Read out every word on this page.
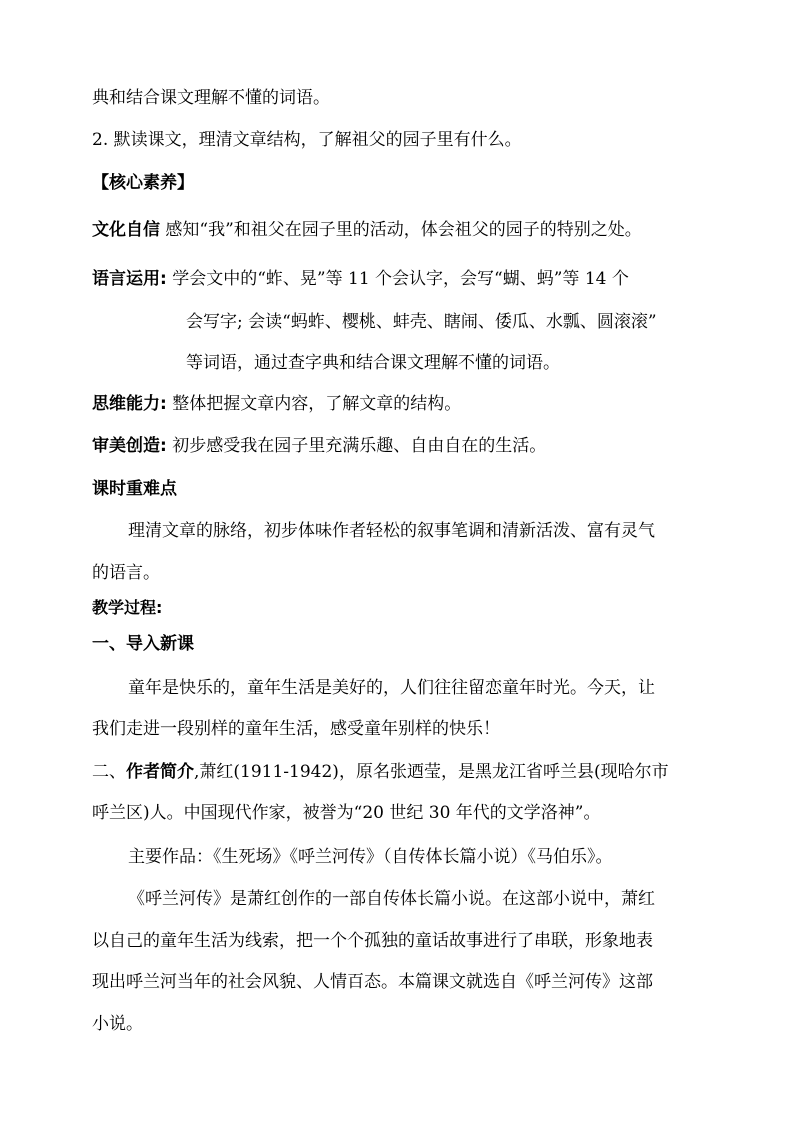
典和结合课文理解不懂的词语。
2. 默读课文，理清文章结构，了解祖父的园子里有什么。
【核心素养】
文化自信 感知“我”和祖父在园子里的活动，体会祖父的园子的特别之处。
语言运用: 学会文中的“蚱、晃”等 11 个会认字，会写“蝴、蚂”等 14 个
会写字; 会读“蚂蚱、樱桃、蚌壳、瞎闹、倭瓜、水瓢、圆滚滚”
等词语，通过查字典和结合课文理解不懂的词语。
思维能力: 整体把握文章内容，了解文章的结构。
审美创造: 初步感受我在园子里充满乐趣、自由自在的生活。
课时重难点
理清文章的脉络，初步体味作者轻松的叙事笔调和清新活泼、富有灵气
的语言。
教学过程:
一、导入新课
童年是快乐的，童年生活是美好的，人们往往留恋童年时光。今天，让
我们走进一段别样的童年生活，感受童年别样的快乐！
二、作者简介,萧红(1911-1942)，原名张迺莹，是黑龙江省呼兰县(现哈尔市
呼兰区)人。中国现代作家，被誉为“20 世纪 30 年代的文学洛神”。
主要作品：《生死场》《呼兰河传》（自传体长篇小说）《马伯乐》。
《呼兰河传》是萧红创作的一部自传体长篇小说。在这部小说中，萧红
以自己的童年生活为线索，把一个个孤独的童话故事进行了串联，形象地表
现出呼兰河当年的社会风貌、人情百态。本篇课文就选自《呼兰河传》这部
小说。
